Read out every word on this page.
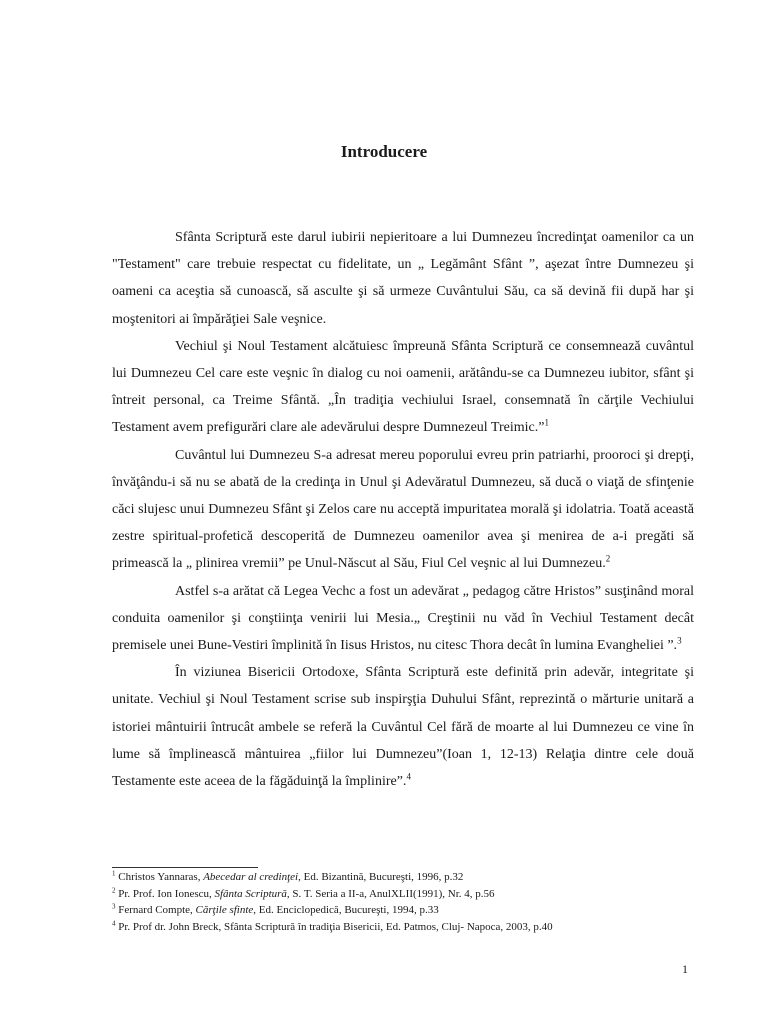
Introducere

Sfânta Scriptură este darul iubirii nepieritoare a lui Dumnezeu încredinţat oamenilor ca un "Testament" care trebuie respectat cu fidelitate, un „ Legământ Sfânt ”, aşezat între Dumnezeu şi oameni ca aceştia să cunoască, să asculte şi să urmeze Cuvântului Său, ca să devină fii după har şi moştenitori ai împărăţiei Sale veşnice.

Vechiul şi Noul Testament alcătuiesc împreună Sfânta Scriptură ce consemnează cuvântul lui Dumnezeu Cel care este veşnic în dialog cu noi oamenii, arătându-se ca Dumnezeu iubitor, sfânt şi întreit personal, ca Treime Sfântă. „În tradiţia vechiului Israel, consemnată în cărţile Vechiului Testament avem prefigurări clare ale adevărului despre Dumnezeul Treimic.”$^1$

Cuvântul lui Dumnezeu S-a adresat mereu poporului evreu prin patriarhi, prooroci şi drepţi, învăţându-i să nu se abată de la credinţa in Unul şi Adevăratul Dumnezeu, să ducă o viaţă de sfinţenie căci slujesc unui Dumnezeu Sfânt şi Zelos care nu acceptă impuritatea morală şi idolatria. Toată această zestre spiritual-profetică descoperită de Dumnezeu oamenilor avea şi menirea de a-i pregăti să primească la „ plinirea vremii” pe Unul-Născut al Său, Fiul Cel veşnic al lui Dumnezeu.$^2$

Astfel s-a arătat că Legea Vechc a fost un adevărat „ pedagog către Hristos” susţinând moral conduita oamenilor şi conştiinţa venirii lui Mesia.„ Creştinii nu văd în Vechiul Testament decât premisele unei Bune-Vestiri împlinită în Iisus Hristos, nu citesc Thora decât în lumina Evangheliei ”.$^3$

În viziunea Bisericii Ortodoxe, Sfânta Scriptură este definită prin adevăr, integritate şi unitate. Vechiul şi Noul Testament scrise sub inspirşţia Duhului Sfânt, reprezintă o mărturie unitară a istoriei mântuirii întrucât ambele se referă la Cuvântul Cel fără de moarte al lui Dumnezeu ce vine în lume să împlinească mântuirea „fiilor lui Dumnezeu”(Ioan 1, 12-13) Relaţia dintre cele două Testamente este aceea de la făgăduinţă la împlinire”.$^4$

$^1$ Christos Yannaras, Abecedar al credinţei, Ed. Bizantină, Bucureşti, 1996, p.32
$^2$ Pr. Prof. Ion Ionescu, Sfânta Scriptură, S. T. Seria a II-a, AnulXLII(1991), Nr. 4, p.56
$^3$ Fernard Compte, Cărţile sfinte, Ed. Enciclopedică, Bucureşti, 1994, p.33
$^4$ Pr. Prof dr. John Breck, Sfânta Scriptură în tradiţia Bisericii, Ed. Patmos, Cluj- Napoca, 2003, p.40
1
